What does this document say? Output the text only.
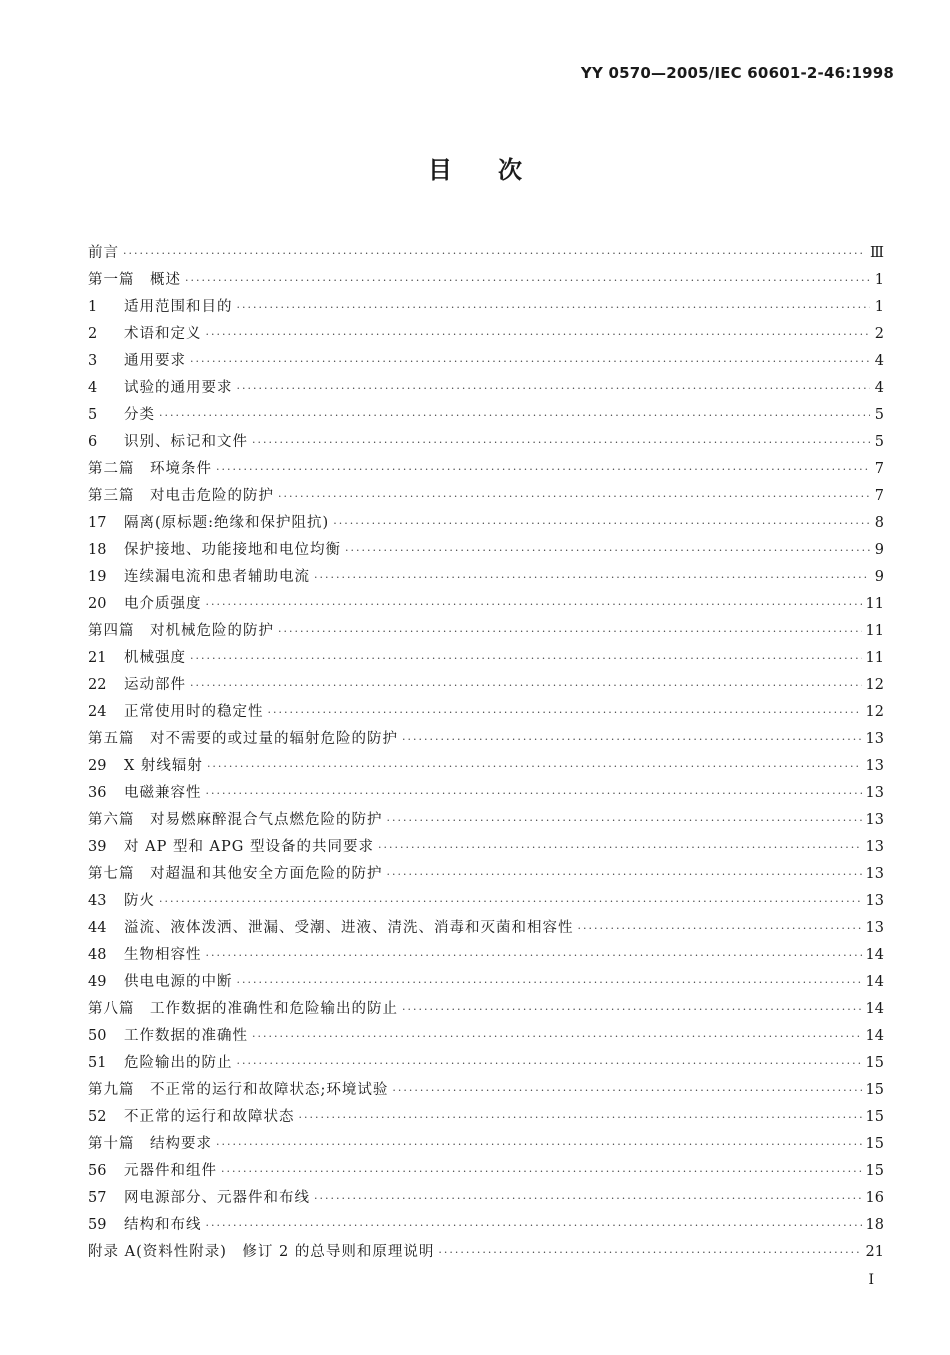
YY 0570—2005/IEC 60601-2-46:1998
目次
前言 ·····	Ⅲ
第一篇　概述 ·····	1
1	适用范围和目的 ·····	1
2	术语和定义 ·····	2
3	通用要求 ·····	4
4	试验的通用要求 ·····	4
5	分类 ·····	5
6	识别、标记和文件 ·····	5
第二篇　环境条件 ·····	7
第三篇　对电击危险的防护 ·····	7
17	隔离(原标题:绝缘和保护阻抗) ·····	8
18	保护接地、功能接地和电位均衡 ·····	9
19	连续漏电流和患者辅助电流 ·····	9
20	电介质强度 ·····	11
第四篇　对机械危险的防护 ·····	11
21	机械强度 ·····	11
22	运动部件 ·····	12
24	正常使用时的稳定性 ·····	12
第五篇　对不需要的或过量的辐射危险的防护 ·····	13
29	X 射线辐射 ·····	13
36	电磁兼容性 ·····	13
第六篇　对易燃麻醉混合气点燃危险的防护 ·····	13
39	对 AP 型和 APG 型设备的共同要求 ·····	13
第七篇　对超温和其他安全方面危险的防护 ·····	13
43	防火 ·····	13
44	溢流、液体泼洒、泄漏、受潮、进液、清洗、消毒和灭菌和相容性 ·····	13
48	生物相容性 ·····	14
49	供电电源的中断 ·····	14
第八篇　工作数据的准确性和危险输出的防止 ·····	14
50	工作数据的准确性 ·····	14
51	危险输出的防止 ·····	15
第九篇　不正常的运行和故障状态;环境试验 ·····	15
52	不正常的运行和故障状态 ·····	15
第十篇　结构要求 ·····	15
56	元器件和组件 ·····	15
57	网电源部分、元器件和布线 ·····	16
59	结构和布线 ·····	18
附录 A(资料性附录)　修订 2 的总导则和原理说明 ·····	21
I
